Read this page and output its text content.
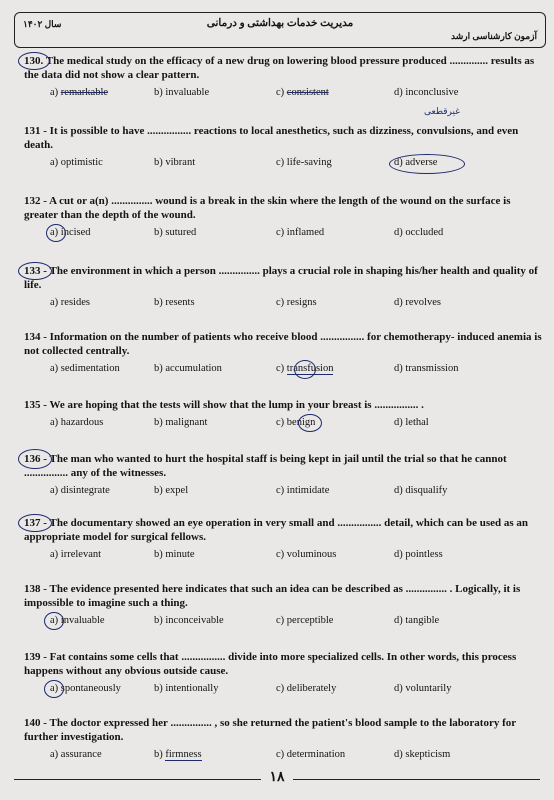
آزمون کارشناسی ارشد
مدیریت خدمات بهداشتی و درمانی
سال ۱۴۰۲
130. The medical study on the efficacy of a new drug on lowering blood pressure produced .............. results as the data did not show a clear pattern.
a) remarkable	b) invaluable	c) consistent	d) inconclusive
غیرقطعی
131 - It is possible to have ................ reactions to local anesthetics, such as dizziness, convulsions, and even death.
a) optimistic	b) vibrant	c) life-saving	d) adverse
132 - A cut or a(n) ............... wound is a break in the skin where the length of the wound on the surface is greater than the depth of the wound.
a) incised	b) sutured	c) inflamed	d) occluded
133 - The environment in which a person ............... plays a crucial role in shaping his/her health and quality of life.
a) resides	b) resents	c) resigns	d) revolves
134 - Information on the number of patients who receive blood ................ for chemotherapy- induced anemia is not collected centrally.
a) sedimentation	b) accumulation	c) transfusion	d) transmission
135 - We are hoping that the tests will show that the lump in your breast is ................ .
a) hazardous	b) malignant	c) benign	d) lethal
136 - The man who wanted to hurt the hospital staff is being kept in jail until the trial so that he cannot ................ any of the witnesses.
a) disintegrate	b) expel	c) intimidate	d) disqualify
137 - The documentary showed an eye operation in very small and ................ detail, which can be used as an appropriate model for surgical fellows.
a) irrelevant	b) minute	c) voluminous	d) pointless
138 - The evidence presented here indicates that such an idea can be described as ............... . Logically, it is impossible to imagine such a thing.
a) invaluable	b) inconceivable	c) perceptible	d) tangible
139 - Fat contains some cells that ................ divide into more specialized cells. In other words, this process happens without any obvious outside cause.
a) spontaneously	b) intentionally	c) deliberately	d) voluntarily
140 - The doctor expressed her ............... , so she returned the patient's blood sample to the laboratory for further investigation.
a) assurance	b) firmness	c) determination	d) skepticism
۱۸
